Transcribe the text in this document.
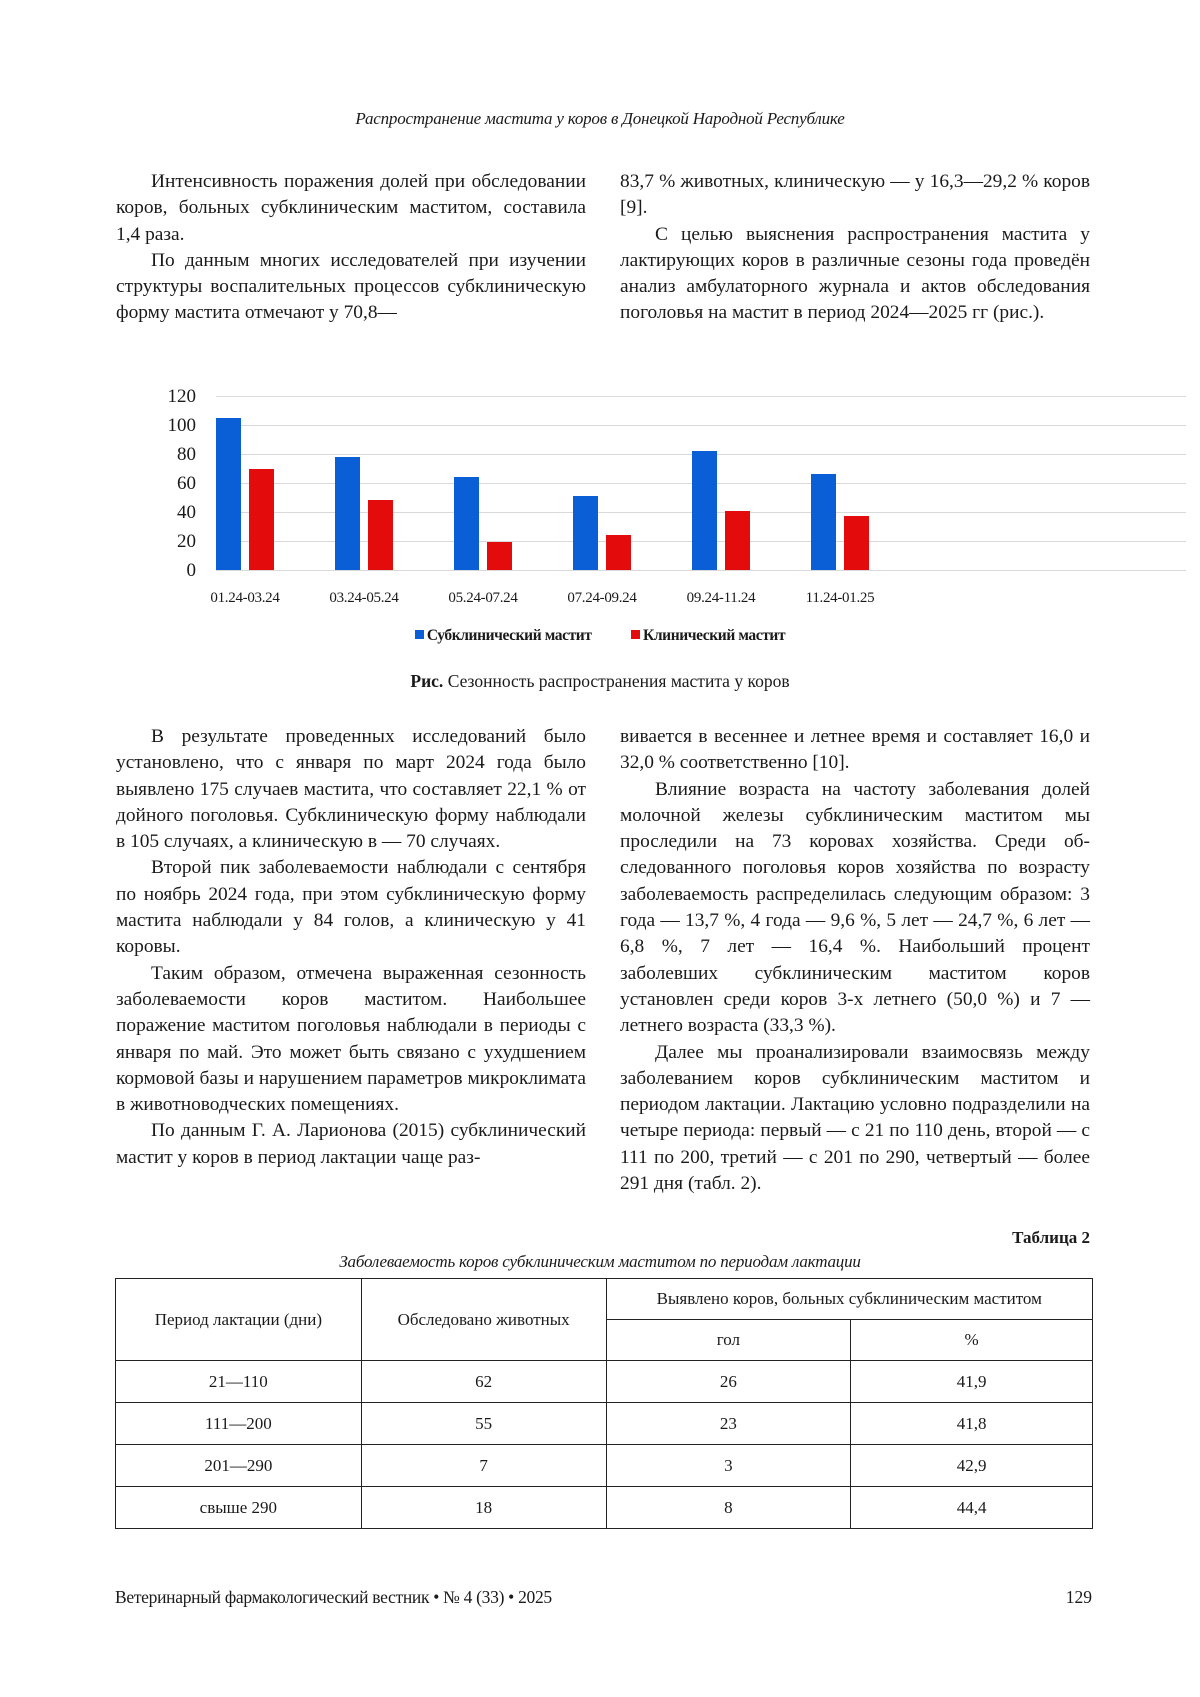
Распространение мастита у коров в Донецкой Народной Республике

Интенсивность поражения долей при обследовании коров, больных субклиническим маститом, составила 1,4 раза.

По данным многих исследователей при изучении структуры воспалительных процессов субклиническую форму мастита отмечают у 70,8—

83,7 % животных, клиническую — у 16,3—29,2 % коров [9].

С целью выяснения распространения мастита у лактирующих коров в различные сезоны года проведён анализ амбулаторного журнала и актов обследования поголовья на мастит в период 2024—2025 гг (рис.).

0
20
40
60
80
100
120
01.24-03.24	03.24-05.24	05.24-07.24	07.24-09.24	09.24-11.24	11.24-01.25
Субклинический мастит	Клинический мастит
Рис. Сезонность распространения мастита у коров

В результате проведенных исследований было установлено, что с января по март 2024 года было выявлено 175 случаев мастита, что составляет 22,1 % от дойного поголовья. Субклиническую форму наблюдали в 105 случаях, а клиническую в — 70 случаях.

Второй пик заболеваемости наблюдали с сентября по ноябрь 2024 года, при этом субклиническую форму мастита наблюдали у 84 голов, а клиническую у 41 коровы.

Таким образом, отмечена выраженная сезонность заболеваемости коров маститом. Наибольшее поражение маститом поголовья наблюдали в периоды с января по май. Это может быть связано с ухудшением кормовой базы и нарушением параметров микроклимата в животноводческих помещениях.

По данным Г. А. Ларионова (2015) субклинический мастит у коров в период лактации чаще раз-

вивается в весеннее и летнее время и составляет 16,0 и 32,0 % соответственно [10].

Влияние возраста на частоту заболевания долей молочной железы субклиническим маститом мы проследили на 73 коровах хозяйства. Среди обследованного поголовья коров хозяйства по возрасту заболеваемость распределилась следующим образом: 3 года — 13,7 %, 4 года — 9,6 %, 5 лет — 24,7 %, 6 лет — 6,8 %, 7 лет — 16,4 %. Наибольший процент заболевших субклиническим маститом коров установлен среди коров 3-х летнего (50,0 %) и 7 — летнего возраста (33,3 %).

Далее мы проанализировали взаимосвязь между заболеванием коров субклиническим маститом и периодом лактации. Лактацию условно подразделили на четыре периода: первый — с 21 по 110 день, второй — с 111 по 200, третий — с 201 по 290, четвертый — более 291 дня (табл. 2).

Таблица 2
Заболеваемость коров субклиническим маститом по периодам лактации
Период лактации (дни)	Обследовано животных	Выявлено коров, больных субклиническим маститом	
		гол	%
21—110	62	26	41,9
111—200	55	23	41,8
201—290	7	3	42,9
свыше 290	18	8	44,4
Ветеринарный фармакологический вестник • № 4 (33) • 2025	129
